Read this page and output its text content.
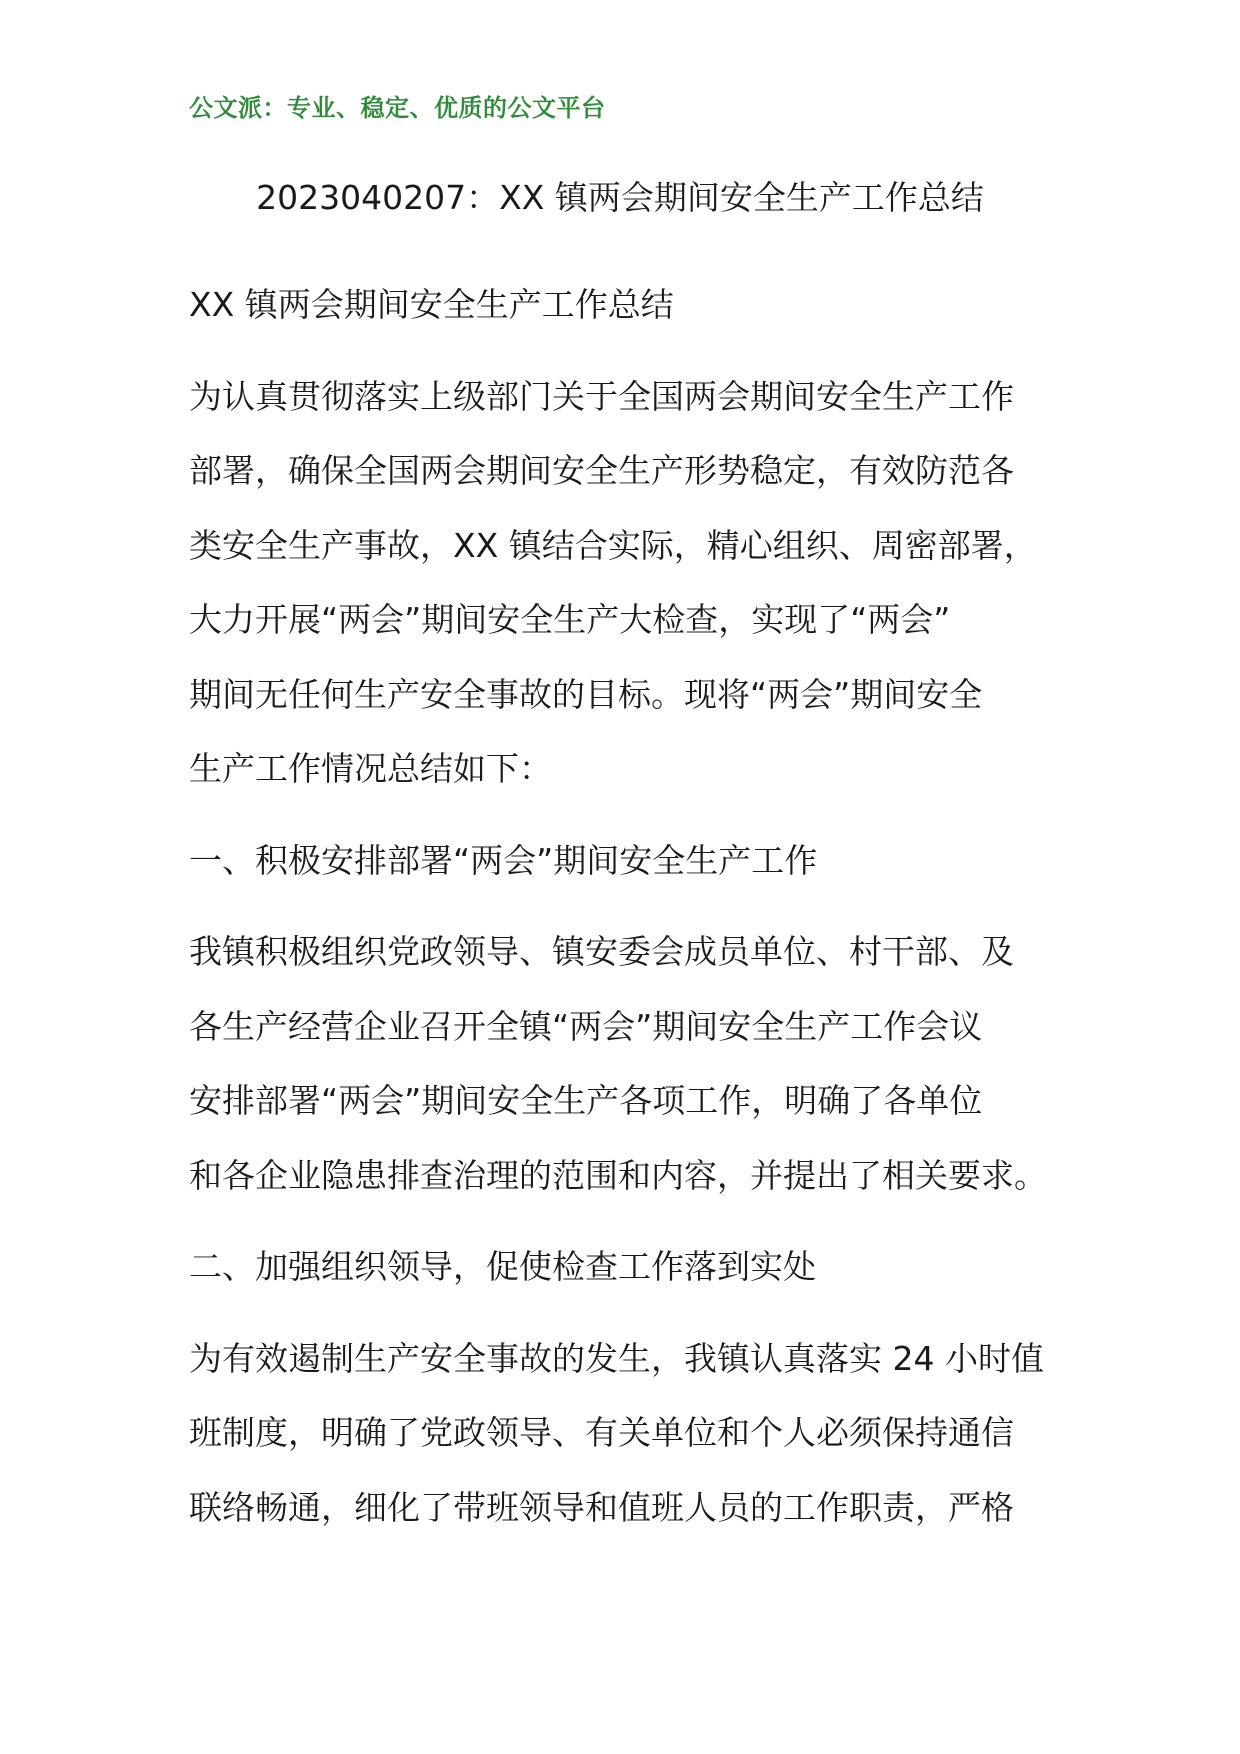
公文派：专业、稳定、优质的公文平台
2023040207：XX 镇两会期间安全生产工作总结
XX 镇两会期间安全生产工作总结
为认真贯彻落实上级部门关于全国两会期间安全生产工作
部署，确保全国两会期间安全生产形势稳定，有效防范各
类安全生产事故，XX 镇结合实际，精心组织、周密部署，
大力开展“两会”期间安全生产大检查，实现了“两会”
期间无任何生产安全事故的目标。现将“两会”期间安全
生产工作情况总结如下：
一、积极安排部署“两会”期间安全生产工作
我镇积极组织党政领导、镇安委会成员单位、村干部、及
各生产经营企业召开全镇“两会”期间安全生产工作会议
安排部署“两会”期间安全生产各项工作，明确了各单位
和各企业隐患排查治理的范围和内容，并提出了相关要求。
二、加强组织领导，促使检查工作落到实处
为有效遏制生产安全事故的发生，我镇认真落实 24 小时值
班制度，明确了党政领导、有关单位和个人必须保持通信
联络畅通，细化了带班领导和值班人员的工作职责，严格
